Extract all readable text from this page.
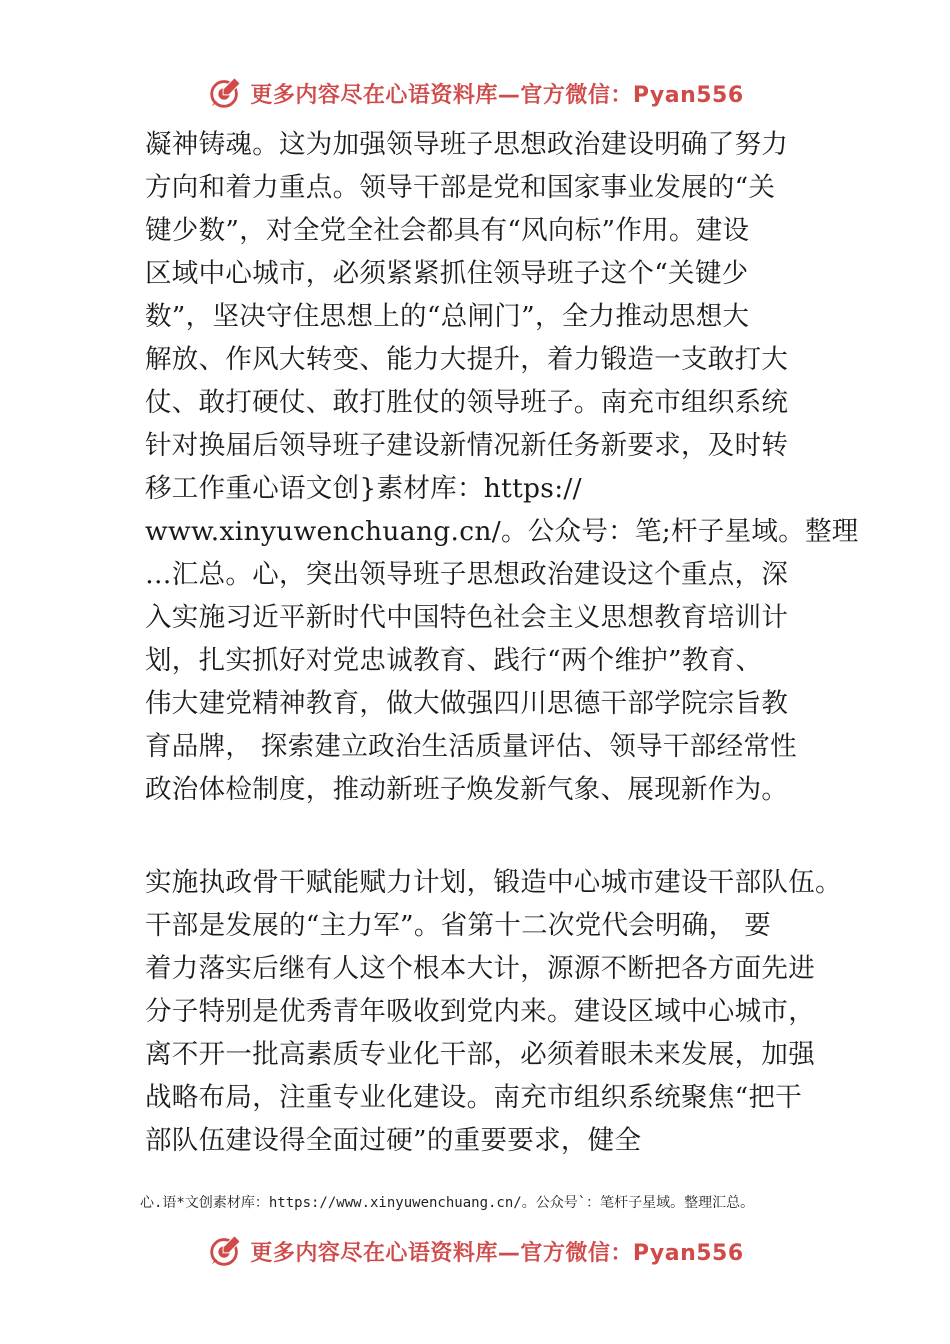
更多内容尽在心语资料库—官方微信：Pyan556
凝神铸魂。这为加强领导班子思想政治建设明确了努力
方向和着力重点。领导干部是党和国家事业发展的“关
键少数”，对全党全社会都具有“风向标”作用。建设
区域中心城市，必须紧紧抓住领导班子这个“关键少
数”，坚决守住思想上的“总闸门”，全力推动思想大
解放、作风大转变、能力大提升，着力锻造一支敢打大
仗、敢打硬仗、敢打胜仗的领导班子。南充市组织系统
针对换届后领导班子建设新情况新任务新要求，及时转
移工作重心语文创}素材库：https://
www.xinyuwenchuang.cn/。公众号：笔;杆子星域。整理
…汇总。心，突出领导班子思想政治建设这个重点，深
入实施习近平新时代中国特色社会主义思想教育培训计
划，扎实抓好对党忠诚教育、践行“两个维护”教育、
伟大建党精神教育，做大做强四川思德干部学院宗旨教
育品牌， 探索建立政治生活质量评估、领导干部经常性
政治体检制度，推动新班子焕发新气象、展现新作为。
实施执政骨干赋能赋力计划，锻造中心城市建设干部队伍。
干部是发展的“主力军”。省第十二次党代会明确， 要
着力落实后继有人这个根本大计，源源不断把各方面先进
分子特别是优秀青年吸收到党内来。建设区域中心城市，
离不开一批高素质专业化干部，必须着眼未来发展，加强
战略布局，注重专业化建设。南充市组织系统聚焦“把干
部队伍建设得全面过硬”的重要要求，健全
心.语*文创素材库：https://www.xinyuwenchuang.cn/。公众号`：笔杆子星域。整理汇总。
更多内容尽在心语资料库—官方微信：Pyan556
